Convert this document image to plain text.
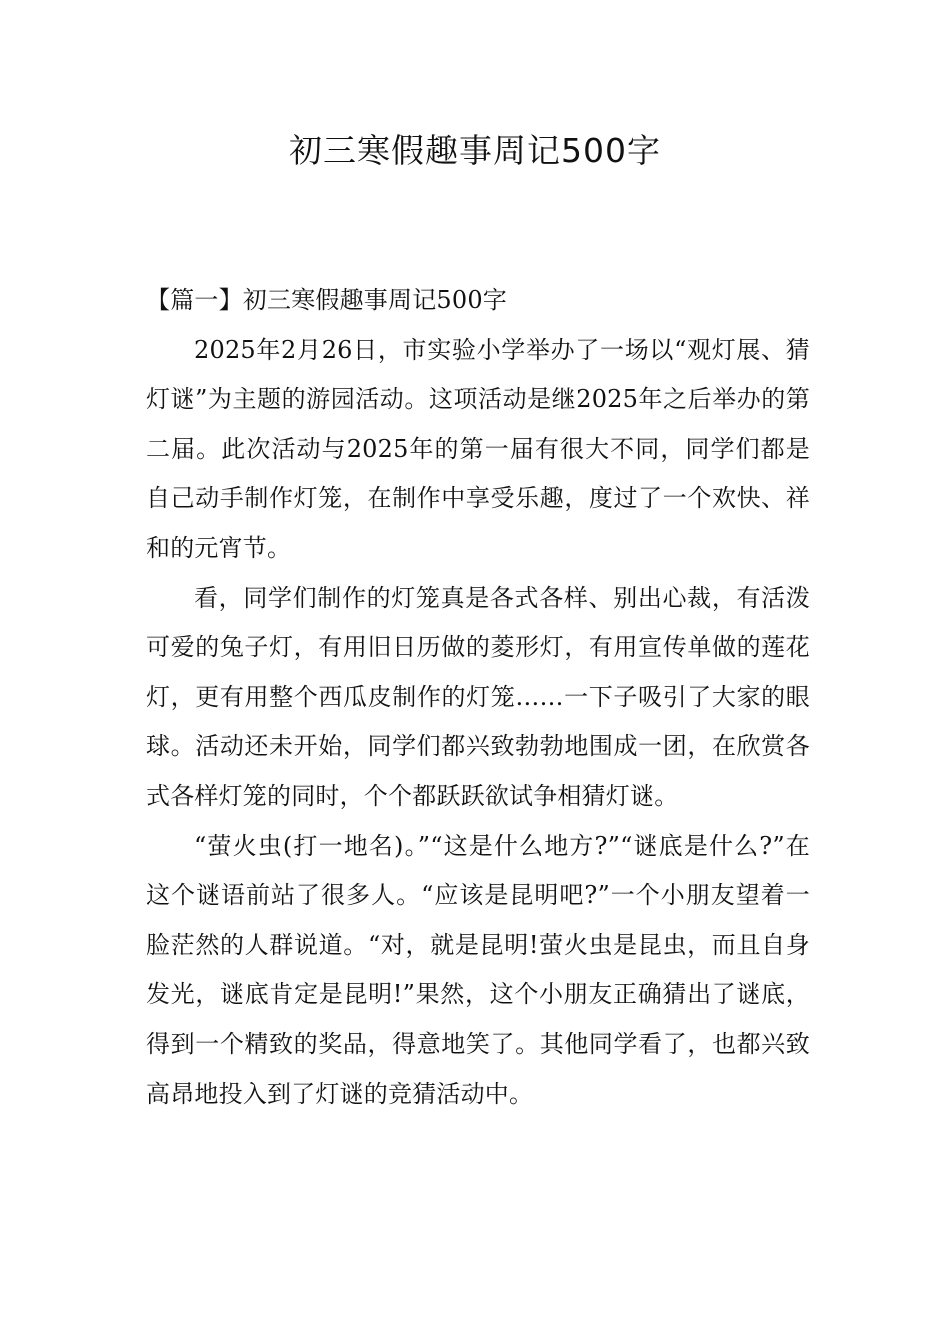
初三寒假趣事周记500字
【篇一】初三寒假趣事周记500字

2025年2月26日，市实验小学举办了一场以“观灯展、猜灯谜”为主题的游园活动。这项活动是继2025年之后举办的第二届。此次活动与2025年的第一届有很大不同，同学们都是自己动手制作灯笼，在制作中享受乐趣，度过了一个欢快、祥和的元宵节。

看，同学们制作的灯笼真是各式各样、别出心裁，有活泼可爱的兔子灯，有用旧日历做的菱形灯，有用宣传单做的莲花灯，更有用整个西瓜皮制作的灯笼……一下子吸引了大家的眼球。活动还未开始，同学们都兴致勃勃地围成一团，在欣赏各式各样灯笼的同时，个个都跃跃欲试争相猜灯谜。

“萤火虫(打一地名)。”“这是什么地方?”“谜底是什么?”在这个谜语前站了很多人。“应该是昆明吧?”一个小朋友望着一脸茫然的人群说道。“对，就是昆明!萤火虫是昆虫，而且自身发光，谜底肯定是昆明!”果然，这个小朋友正确猜出了谜底，得到一个精致的奖品，得意地笑了。其他同学看了，也都兴致高昂地投入到了灯谜的竞猜活动中。
